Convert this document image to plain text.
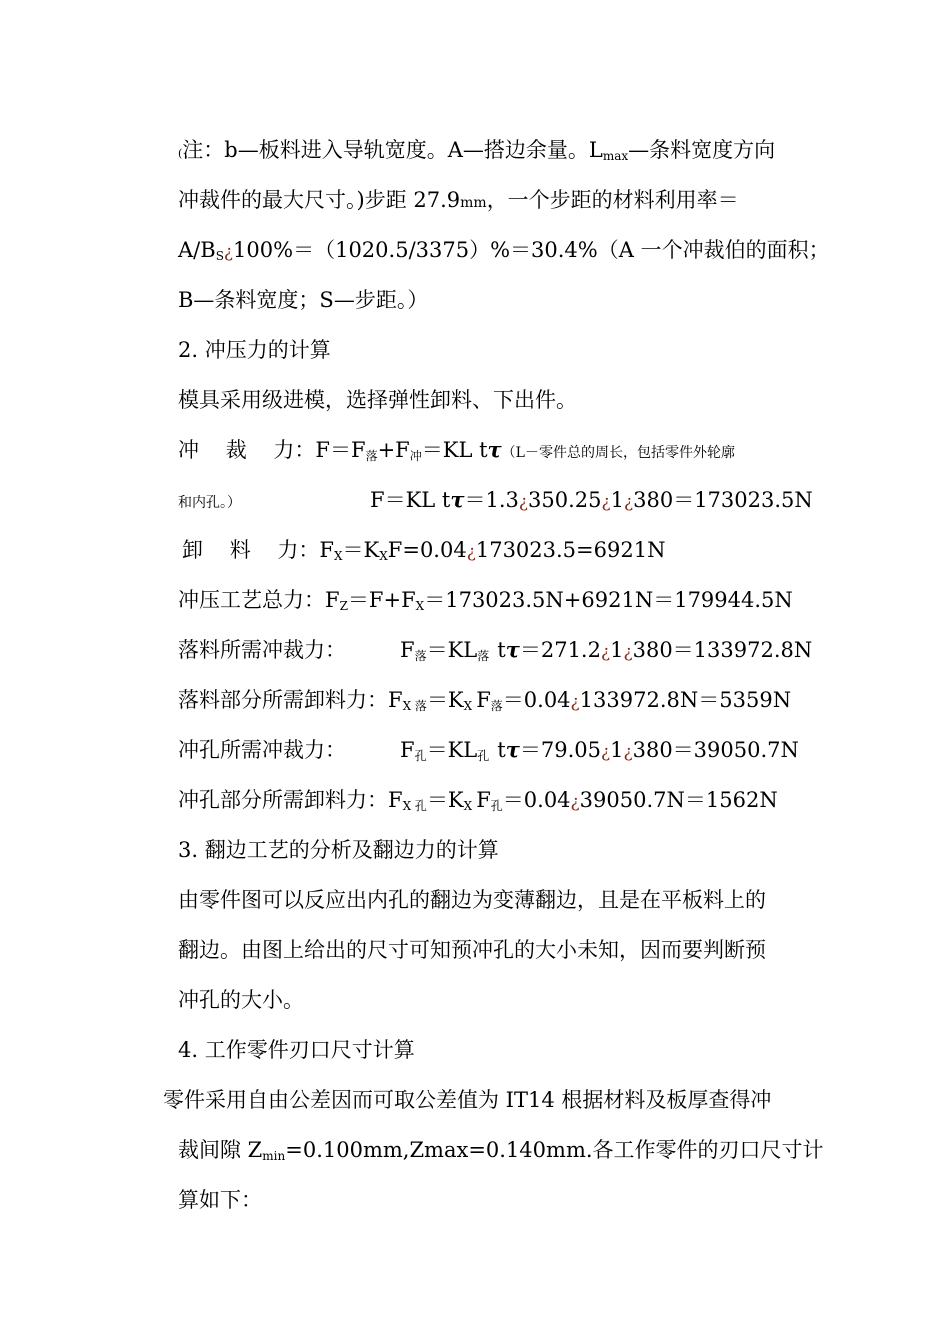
(注：b—板料进入导轨宽度。A—搭边余量。$L_{max}—$条料宽度方向
冲裁件的最大尺寸。)步距 27.9mm，一个步距的材料利用率＝
$A/B_S¿100\%=(1020.5/3375)\%=30.4\%(A$ 一个冲裁伯的面积；
B—条料宽度；S—步距。）
2. 冲压力的计算
模具采用级进模，选择弹性卸料、下出件。
冲    裁    力：$F=F_落+F_冲=KL$ tτ（L－零件总的周长，包括零件外轮廓
和内孔。）	F＝KL tτ＝1.3¿350.25¿1¿380＝173023.5N
卸    料    力：$F_X=K_XF=0.04¿173023.5=6921N$
冲压工艺总力：$F_Z=F+F_X=173023.5N+6921N=179944.5N$
落料所需冲裁力：	$F_落=KL_落$ tτ＝271.2¿1¿380＝133972.8N
落料部分所需卸料力：$F_{X 落}=K_X$ $F_落=0.04¿133972.8N=5359N$
冲孔所需冲裁力：	$F_孔=KL_孔$ tτ＝79.05¿1¿380＝39050.7N
冲孔部分所需卸料力：$F_{X 孔}=K_X$ $F_孔=0.04¿39050.7N=1562N$
3. 翻边工艺的分析及翻边力的计算
由零件图可以反应出内孔的翻边为变薄翻边，且是在平板料上的
翻边。由图上给出的尺寸可知预冲孔的大小未知，因而要判断预
冲孔的大小。
4. 工作零件刃口尺寸计算
零件采用自由公差因而可取公差值为 IT14 根据材料及板厚查得冲
裁间隙 $Z_{min}=0.100mm,Zmax=0.140mm$.各工作零件的刃口尺寸计
算如下：
